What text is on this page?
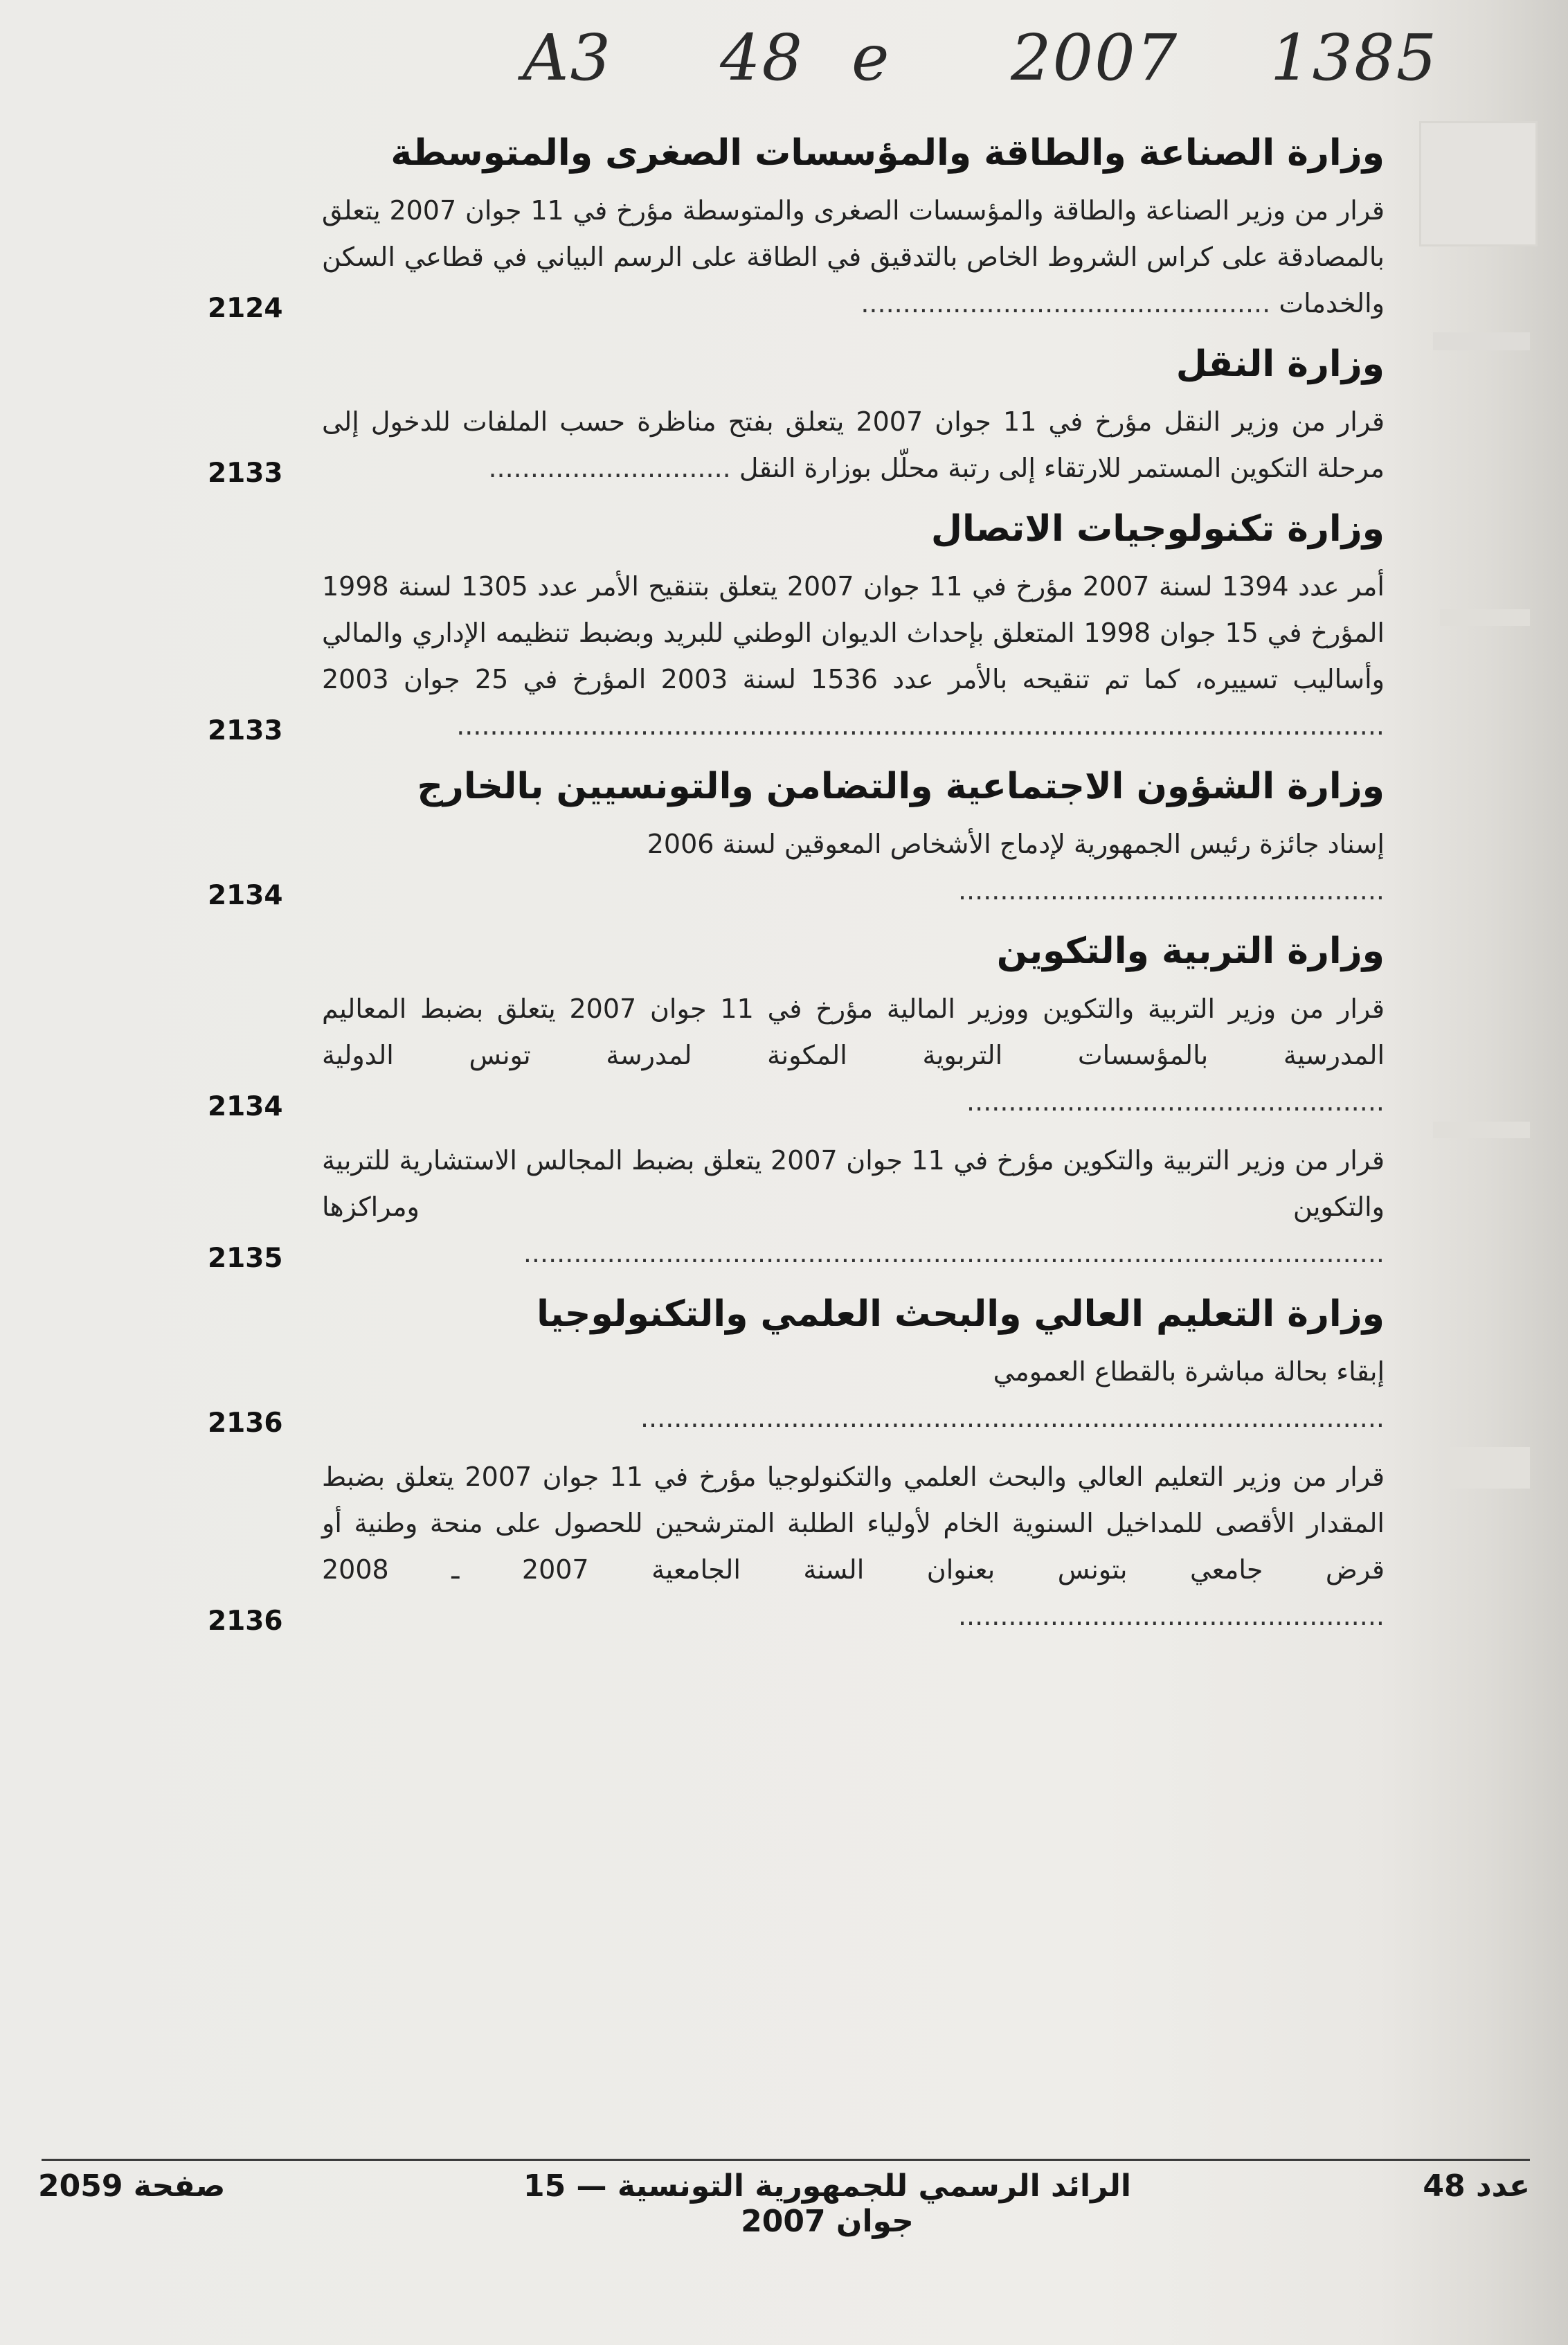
A3 48 e 2007 1385
وزارة الصناعة والطاقة والمؤسسات الصغرى والمتوسطة
قرار من وزير الصناعة والطاقة والمؤسسات الصغرى والمتوسطة مؤرخ في 11 جوان 2007 يتعلق بالمصادقة على كراس الشروط الخاص بالتدقيق في الطاقة على الرسم البياني في قطاعي السكن والخدمات .................................................
2124
وزارة النقل
قرار من وزير النقل مؤرخ في 11 جوان 2007 يتعلق بفتح مناظرة حسب الملفات للدخول إلى مرحلة التكوين المستمر للارتقاء إلى رتبة محلّل بوزارة النقل .............................
2133
وزارة تكنولوجيات الاتصال
أمر عدد 1394 لسنة 2007 مؤرخ في 11 جوان 2007 يتعلق بتنقيح الأمر عدد 1305 لسنة 1998 المؤرخ في 15 جوان 1998 المتعلق بإحداث الديوان الوطني للبريد وبضبط تنظيمه الإداري والمالي وأساليب تسييره، كما تم تنقيحه بالأمر عدد 1536 لسنة 2003 المؤرخ في 25 جوان 2003 ...............................................................................................................
2133
وزارة الشؤون الاجتماعية والتضامن والتونسيين بالخارج
إسناد جائزة رئيس الجمهورية لإدماج الأشخاص المعوقين لسنة 2006 ...................................................
2134
وزارة التربية والتكوين
قرار من وزير التربية والتكوين ووزير المالية مؤرخ في 11 جوان 2007 يتعلق بضبط المعاليم المدرسية بالمؤسسات التربوية المكونة لمدرسة تونس الدولية ..................................................
2134
قرار من وزير التربية والتكوين مؤرخ في 11 جوان 2007 يتعلق بضبط المجالس الاستشارية للتربية والتكوين ومراكزها .......................................................................................................
2135
وزارة التعليم العالي والبحث العلمي والتكنولوجيا
إبقاء بحالة مباشرة بالقطاع العمومي .........................................................................................
2136
قرار من وزير التعليم العالي والبحث العلمي والتكنولوجيا مؤرخ في 11 جوان 2007 يتعلق بضبط المقدار الأقصى للمداخيل السنوية الخام لأولياء الطلبة المترشحين للحصول على منحة وطنية أو قرض جامعي بتونس بعنوان السنة الجامعية 2007 ـ 2008 ...................................................
2136
عدد 48
الرائد الرسمي للجمهورية التونسية — 15 جوان 2007
صفحة 2059
